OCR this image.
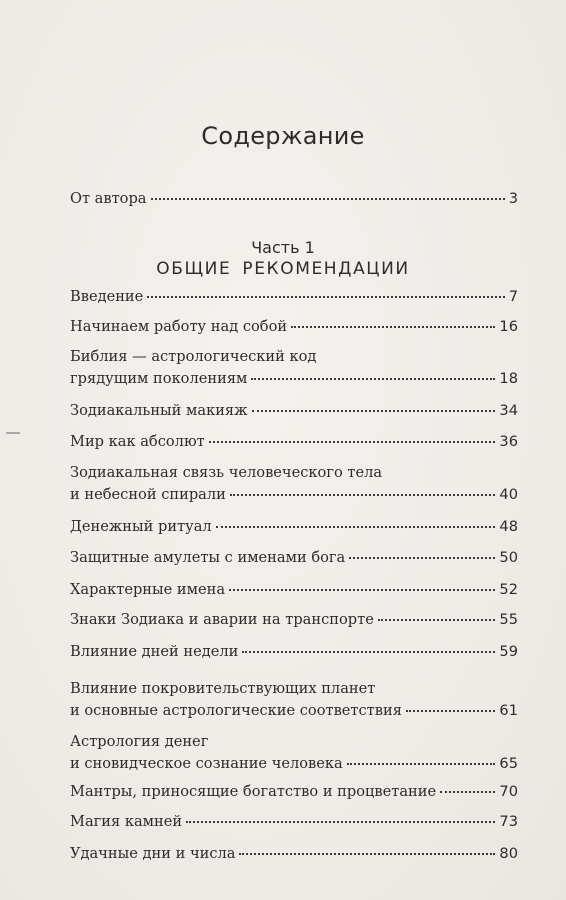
Содержание
От автора	3
Часть 1
ОБЩИЕ РЕКОМЕНДАЦИИ
Введение	7
Начинаем работу над собой	16
Библия — астрологический код
грядущим поколениям	18
Зодиакальный макияж	34
Мир как абсолют	36
Зодиакальная связь человеческого тела
и небесной спирали	40
Денежный ритуал	48
Защитные амулеты с именами бога	50
Характерные имена	52
Знаки Зодиака и аварии на транспорте	55
Влияние дней недели	59
Влияние покровительствующих планет
и основные астрологические соответствия	61
Астрология денег
и сновидческое сознание человека	65
Мантры, приносящие богатство и процветание	70
Магия камней	73
Удачные дни и числа	80
